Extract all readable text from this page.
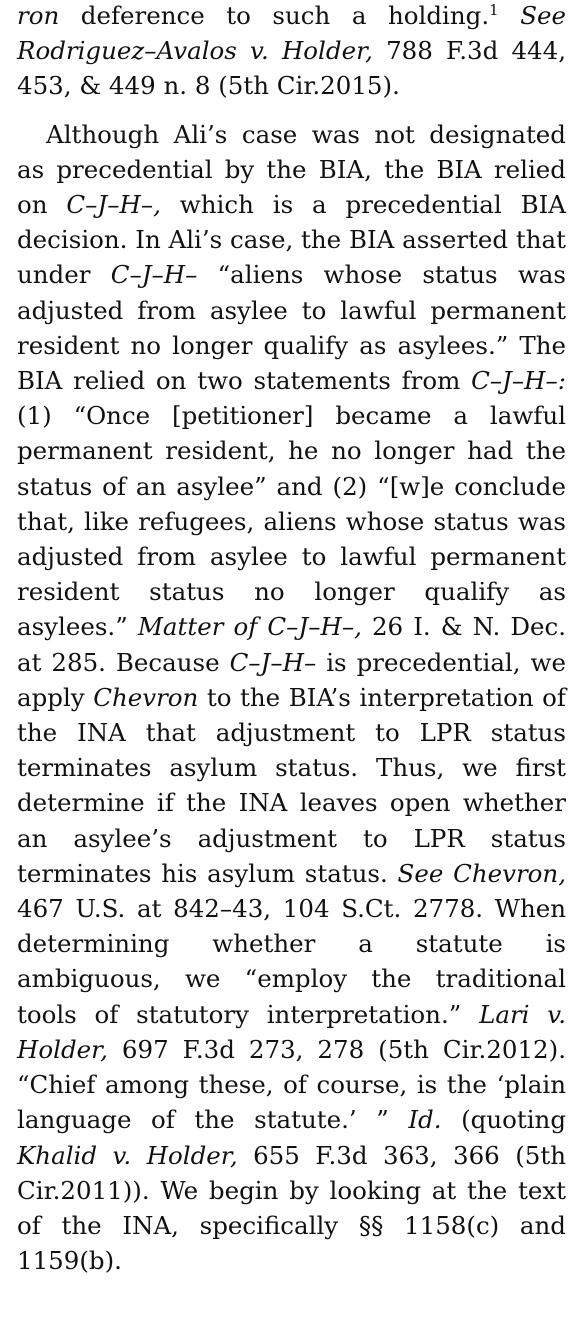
ron deference to such a holding.$^1$ See Rodriguez–Avalos v. Holder, 788 F.3d 444, 453, & 449 n. 8 (5th Cir.2015).

Although Ali’s case was not designated as precedential by the BIA, the BIA relied on C–J–H–, which is a precedential BIA decision. In Ali’s case, the BIA asserted that under C–J–H– “aliens whose status was adjusted from asylee to lawful permanent resident no longer qualify as asylees.” The BIA relied on two statements from C–J–H–: (1) “Once [petitioner] became a lawful permanent resident, he no longer had the status of an asylee” and (2) “[w]e conclude that, like refugees, aliens whose status was adjusted from asylee to lawful permanent resident status no longer qualify as asylees.” Matter of C–J–H–, 26 I. & N. Dec. at 285. Because C–J–H– is precedential, we apply Chevron to the BIA’s interpretation of the INA that adjustment to LPR status terminates asylum status. Thus, we first determine if the INA leaves open whether an asylee’s adjustment to LPR status terminates his asylum status. See Chevron, 467 U.S. at 842–43, 104 S.Ct. 2778. When determining whether a statute is ambiguous, we “employ the traditional tools of statutory interpretation.” Lari v. Holder, 697 F.3d 273, 278 (5th Cir.2012). “Chief among these, of course, is the ‘plain language of the statute.’ ” Id. (quoting Khalid v. Holder, 655 F.3d 363, 366 (5th Cir.2011)). We begin by looking at the text of the INA, specifically §§ 1158(c) and 1159(b).
